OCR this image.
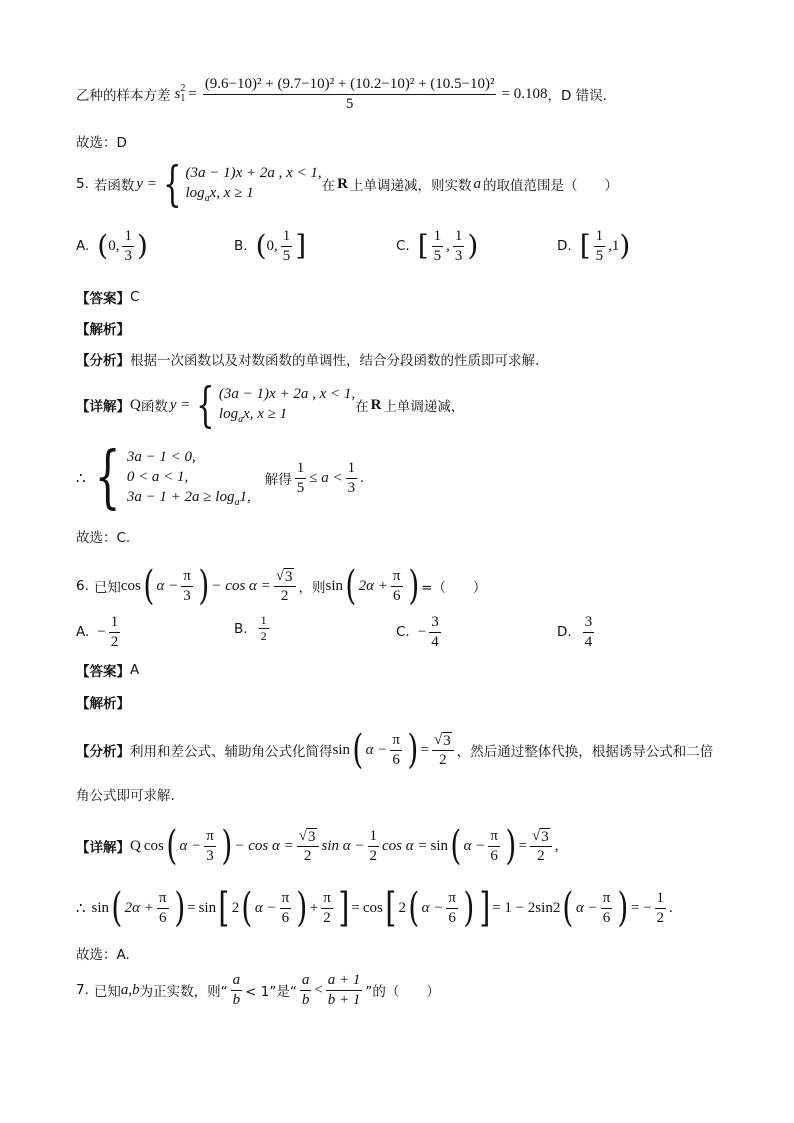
乙种的样本方差 s 2
$1 = \frac{\text{(9.6−10)² + (9.7−10)² + (10.2−10)² + (10.5−10)²}}{5} = 0.108$ ，D 错误.
故选：D
5. 若函数 y = { (3a − 1)x + 2a , x < 1,
$\log_ax$, x ≥ 1	在 R 上单调递减，则实数 a 的取值范围是（　　）
A. ( 0, $\frac{1}{3}$ )	B. ( 0, $\frac{1}{5}$ ]	C. [ $\frac{1}{5}$ , $\frac{1}{3}$ )	D. [ $\frac{1}{5} ,1$ )
【答案】 C
【解析】
【分析】 根据一次函数以及对数函数的单调性，结合分段函数的性质即可求解.
【详解】 Q 函数 y = { (3a − 1)x + 2a , x < 1,
$\log_ax$, x ≥ 1	在 R 上单调递减，
∴ { 3a − 1 < 0,
0 < a < 1,
$3a - 1 + 2a \ge \log_a1$,
解得 $\frac{1}{5} \le a < \frac{1}{3}$ .
故选：C.
6. 已知 cos ( $\alpha - \frac{\pi}{3}$ ) − $\cos \alpha = \frac{√ 3}{2}$ ，则 sin ( $2\alpha + \frac{\pi}{6}$ ) =（　　）
A. − $\frac{1}{2}$	B. $\frac{1}{2}$	C. − $\frac{3}{4}$	D. $\frac{3}{4}$
【答案】 A
【解析】
【分析】 利用和差公式、辅助角公式化简得 sin ( $\alpha - \frac{\pi}{6}$ ) = $\frac{√ 3}{2}$ ，然后通过整体代换，根据诱导公式和二倍
角公式即可求解.
【详解】 Q cos ( $\alpha - \frac{\pi}{3}$ ) − $\cos \alpha = \frac{√ 3}{2}$ $\sin \alpha - \frac{1}{2}$ cos α = sin ( $\alpha - \frac{\pi}{6}$ ) = $\frac{√ 3}{2}$ ,
∴ sin ( $2\alpha + \frac{\pi}{6}$ ) = sin [ 2 ( $\alpha - \frac{\pi}{6}$ ) + $\frac{\pi}{2}$ ] = cos [ 2 ( $\alpha - \frac{\pi}{6}$ ) ] = 1 − 2sin 2 ( $\alpha - \frac{\pi}{6}$ ) = − $\frac{1}{2}$ .
故选：A.
7. 已知 a,b 为正实数，则“ $\frac{a}{b} < 1$”是“ $\frac{a}{b} < \frac{a + 1}{b + 1}$ ”的（　　）
